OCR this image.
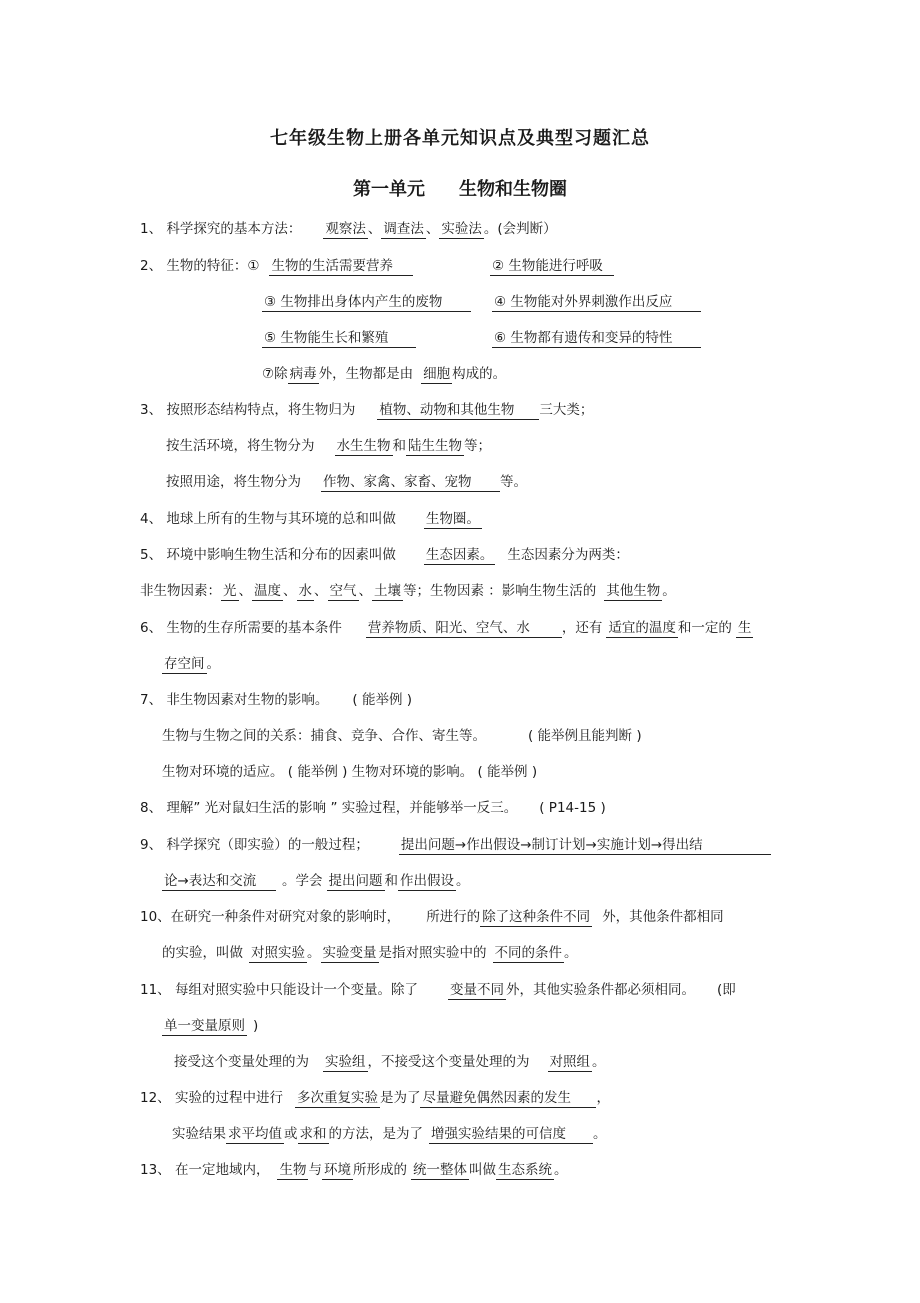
七年级生物上册各单元知识点及典型习题汇总
第一单元 生物和生物圈
1、 科学探究的基本方法： 观察法 、 调查法 、 实验法 。(会判断）
2、 生物的特征：① 生物的生活需要营养	② 生物能进行呼吸
③ 生物排出身体内产生的废物	④ 生物能对外界刺激作出反应
⑤ 生物能生长和繁殖	⑥ 生物都有遗传和变异的特性
⑦除 病毒 外，生物都是由 细胞 构成的。
3、 按照形态结构特点，将生物归为 植物、动物和其他生物 三大类；
按生活环境，将生物分为 水生生物 和 陆生生物 等；
按照用途，将生物分为 作物、家禽、家畜、宠物 等。
4、 地球上所有的生物与其环境的总和叫做 生物圈。
5、 环境中影响生物生活和分布的因素叫做 生态因素。 生态因素分为两类：
非生物因素： 光 、 温度 、 水 、 空气 、 土壤 等；生物因素 ：影响生物生活的 其他生物 。
6、 生物的生存所需要的基本条件 营养物质、阳光、空气、水 ，还有 适宜的温度 和一定的 生
存空间 。
7、 非生物因素对生物的影响。 ( 能举例 )
生物与生物之间的关系：捕食、竞争、合作、寄生等。	( 能举例且能判断 )
生物对环境的适应。 ( 能举例 ) 生物对环境的影响。 ( 能举例 )
8、 理解” 光对鼠妇生活的影响 ” 实验过程，并能够举一反三。 ( P14-15 )
9、 科学探究（即实验）的一般过程； 提出问题→作出假设→制订计划→实施计划→得出结
论→表达和交流 。学会 提出问题 和 作出假设 。
10、在研究一种条件对研究对象的影响时， 所进行的 除了这种条件不同 外，其他条件都相同
的实验，叫做 对照实验 。 实验变量 是指对照实验中的 不同的条件 。
11、 每组对照实验中只能设计一个变量。除了 变量不同 外，其他实验条件都必须相同。 (即
单一变量原则 )
接受这个变量处理的为 实验组 ，不接受这个变量处理的为 对照组 。
12、 实验的过程中进行 多次重复实验 是为了 尽量避免偶然因素的发生 ，
实验结果 求平均值 或 求和 的方法，是为了 增强实验结果的可信度 。
13、 在一定地域内， 生物 与 环境 所形成的 统一整体 叫做 生态系统 。
